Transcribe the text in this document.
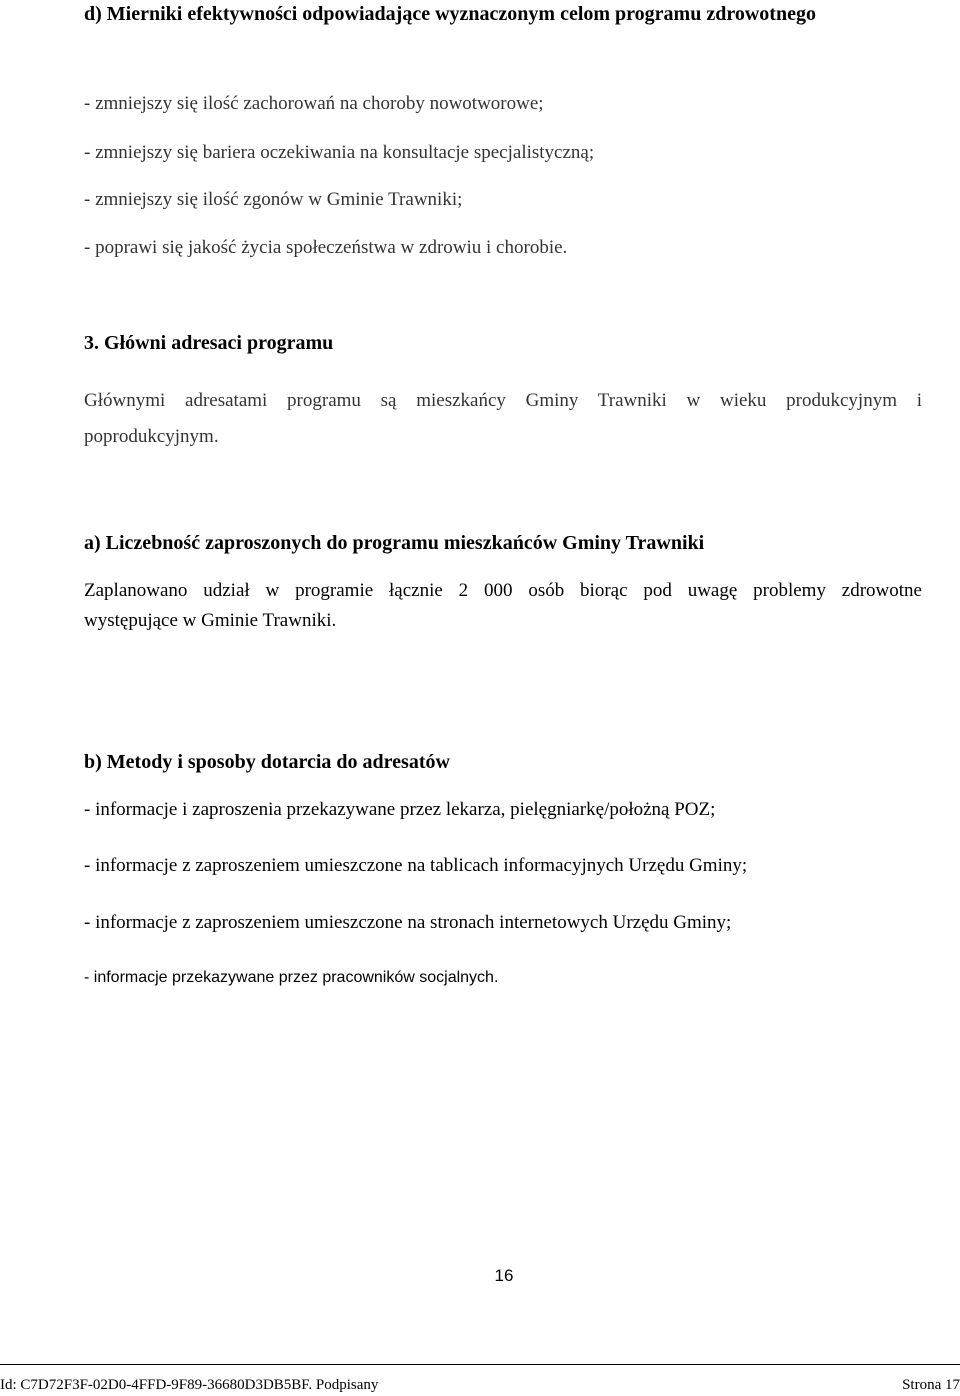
d) Mierniki efektywności odpowiadające wyznaczonym celom programu zdrowotnego

- zmniejszy się ilość zachorowań na choroby nowotworowe;

- zmniejszy się bariera oczekiwania na konsultacje specjalistyczną;

- zmniejszy się ilość zgonów w Gminie Trawniki;

- poprawi się jakość życia społeczeństwa w zdrowiu i chorobie.

3. Główni adresaci programu

Głównymi adresatami programu są mieszkańcy Gminy Trawniki w wieku produkcyjnym i

poprodukcyjnym.

a) Liczebność zaproszonych do programu mieszkańców Gminy Trawniki

Zaplanowano udział w programie łącznie 2 000 osób biorąc pod uwagę problemy zdrowotne

występujące w Gminie Trawniki.

b) Metody i sposoby dotarcia do adresatów

- informacje i zaproszenia przekazywane przez lekarza, pielęgniarkę/położną POZ;

- informacje z zaproszeniem umieszczone na tablicach informacyjnych Urzędu Gminy;

- informacje z zaproszeniem umieszczone na stronach internetowych Urzędu Gminy;

- informacje przekazywane przez pracowników socjalnych.

16

Id: C7D72F3F-02D0-4FFD-9F89-36680D3DB5BF. Podpisany	Strona 17
